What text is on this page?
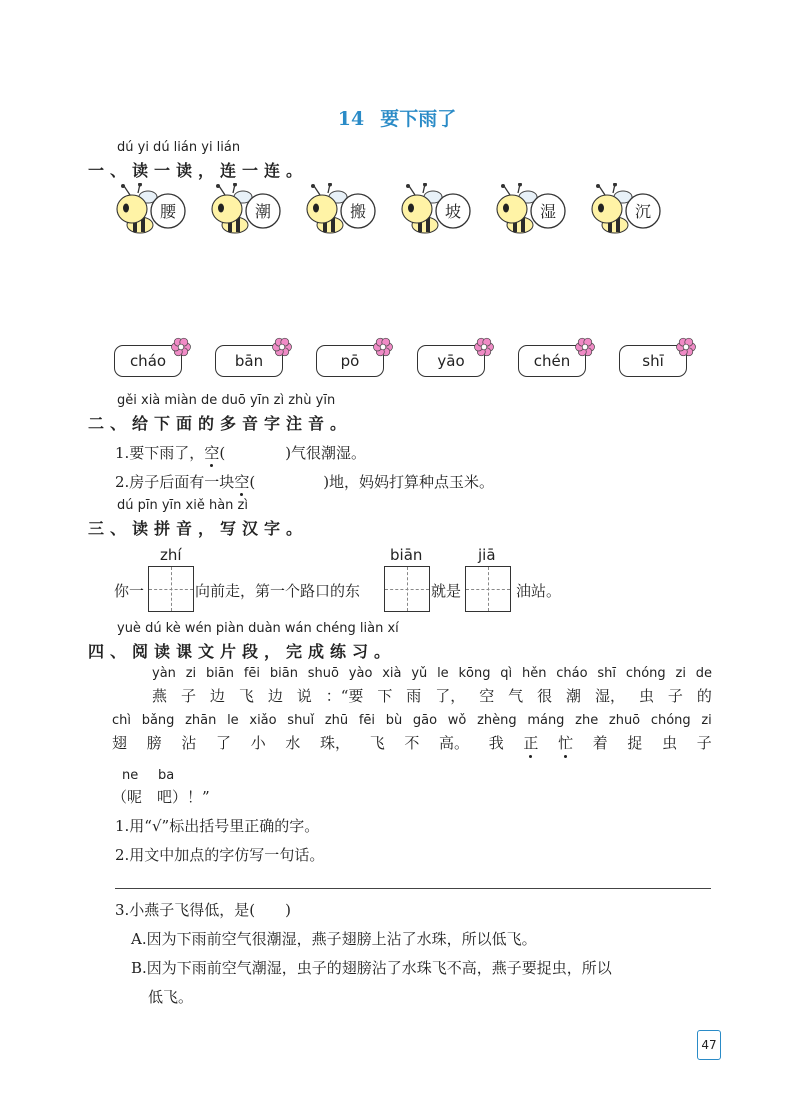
14 要下雨了
dú yi dú lián yi lián
一、读一读，连一连。
腰	潮	搬	坡	湿	沉
cháo	bān	pō	yāo	chén	shī
gěi xià miàn de duō yīn zì zhù yīn
二、给下面的多音字注音。
1.要下雨了，空(	)气很潮湿。
2.房子后面有一块空(	)地，妈妈打算种点玉米。
dú pīn yīn xiě hàn zì
三、读拼音，写汉字。
zhí	biān	jiā
你一	向前走，第一个路口的东	就是	油站。
yuè dú kè wén piàn duàn wán chéng liàn xí
四、阅读课文片段，完成练习。
yàn zi biān fēi biān shuō yào xià yǔ le kōng qì hěn cháo shī chóng zi de
燕 子 边 飞 边 说 ：“要 下 雨 了， 空 气 很 潮 湿， 虫 子 的
chì bǎng zhān le xiǎo shuǐ zhū fēi bù gāo wǒ zhèng máng zhe zhuō chóng zi
翅 膀 沾 了 小 水 珠， 飞 不 高。 我 正 忙 着 捉 虫 子
ne ba
（呢　吧）！”
1.用“√”标出括号里正确的字。
2.用文中加点的字仿写一句话。
3.小燕子飞得低，是(　　)
A.因为下雨前空气很潮湿，燕子翅膀上沾了水珠，所以低飞。
B.因为下雨前空气潮湿，虫子的翅膀沾了水珠飞不高，燕子要捉虫，所以
低飞。
47
